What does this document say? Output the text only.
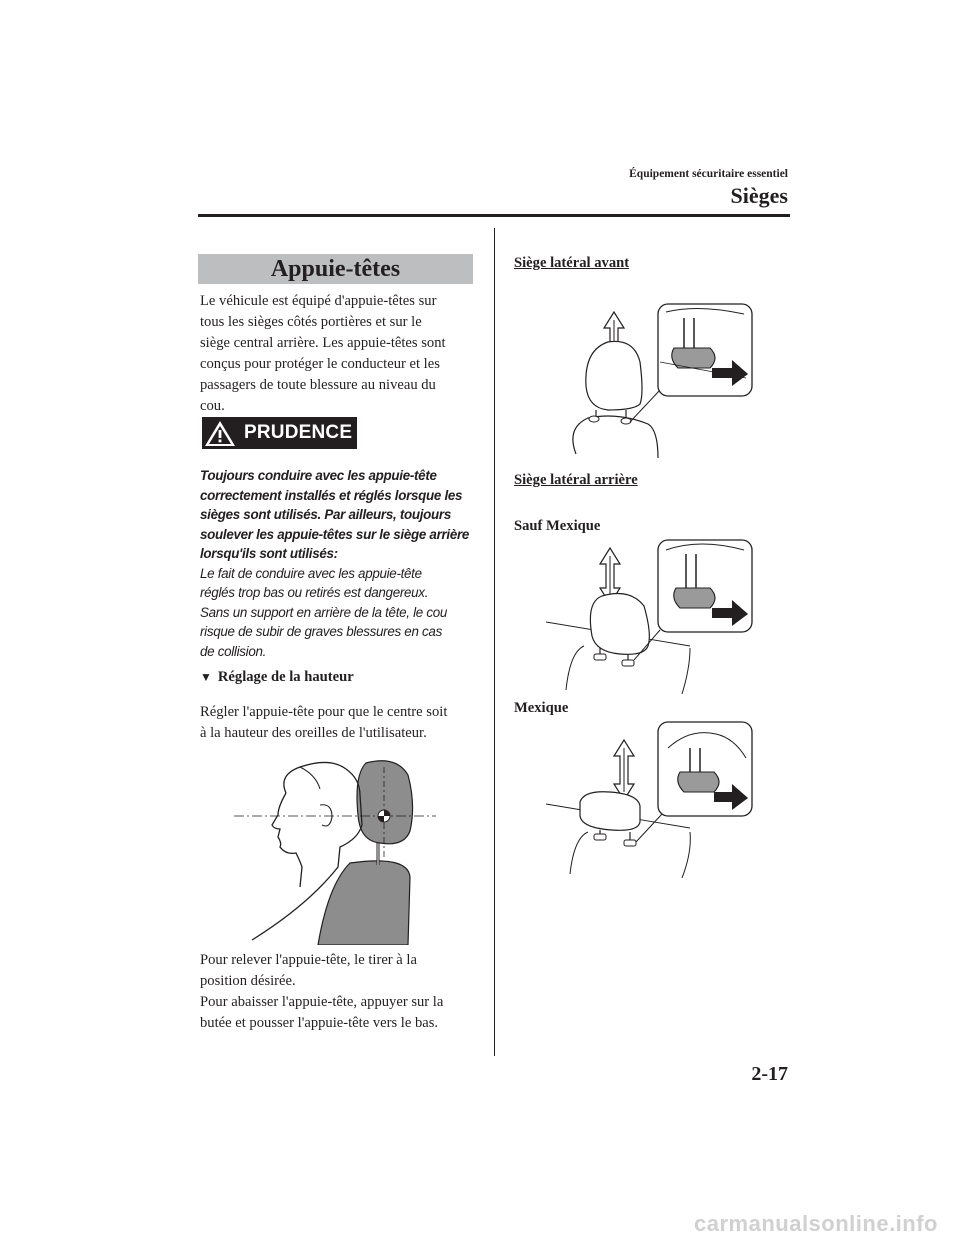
Équipement sécuritaire essentiel
Sièges
Appuie-têtes
Le véhicule est équipé d'appuie-têtes sur
tous les sièges côtés portières et sur le
siège central arrière. Les appuie-têtes sont
conçus pour protéger le conducteur et les
passagers de toute blessure au niveau du
cou.
PRUDENCE
Toujours conduire avec les appuie-tête
correctement installés et réglés lorsque les
sièges sont utilisés. Par ailleurs, toujours
soulever les appuie-têtes sur le siège arrière
lorsqu'ils sont utilisés:
Le fait de conduire avec les appuie-tête
réglés trop bas ou retirés est dangereux.
Sans un support en arrière de la tête, le cou
risque de subir de graves blessures en cas
de collision.
▼ Réglage de la hauteur
Régler l'appuie-tête pour que le centre soit
à la hauteur des oreilles de l'utilisateur.
Pour relever l'appuie-tête, le tirer à la
position désirée.
Pour abaisser l'appuie-tête, appuyer sur la
butée et pousser l'appuie-tête vers le bas.
Siège latéral avant
Siège latéral arrière
Sauf Mexique
Mexique
2-17
carmanualsonline.info
